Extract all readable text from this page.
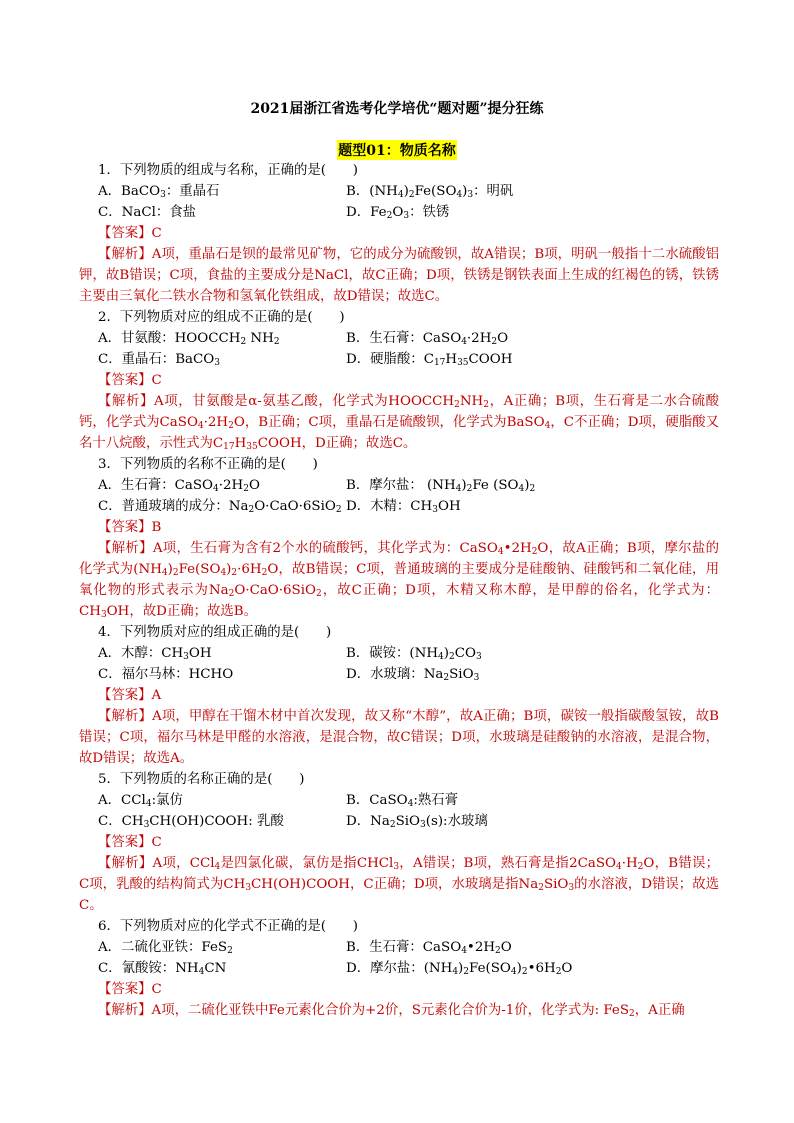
2021届浙江省选考化学培优“题对题”提分狂练
题型01：物质名称
1．下列物质的组成与名称，正确的是(　　)
A．BaCO$_3$：重晶石	B．$(NH_4)_2Fe(SO_4)_3$：明矾
C．NaCl：食盐	D．$Fe_2O_3$：铁锈
【答案】C
【解析】A项，重晶石是钡的最常见矿物，它的成分为硫酸钡，故A错误；B项，明矾一般指十二水硫酸铝钾，故B错误；C项，食盐的主要成分是NaCl，故C正确；D项，铁锈是钢铁表面上生成的红褐色的锈，铁锈主要由三氧化二铁水合物和氢氧化铁组成，故D错误；故选C。
2．下列物质对应的组成不正确的是(　　)
A．甘氨酸：$HOOCCH_2$ $NH_2$	B．生石膏：$CaSO_4\cdot 2H_2O$
C．重晶石：BaCO$_3$	D．硬脂酸：$C_{17}H_{35}COOH$
【答案】C
【解析】A项，甘氨酸是α-氨基乙酸，化学式为$HOOCCH_2NH_2$，A正确；B项，生石膏是二水合硫酸钙，化学式为$CaSO_4\cdot 2H_2O$，B正确；C项，重晶石是硫酸钡，化学式为BaSO$_4$，C不正确；D项，硬脂酸又名十八烷酸，示性式为$C_{17}H_{35}COOH$，D正确；故选C。
3．下列物质的名称不正确的是(　　)
A．生石膏：$CaSO_4\cdot 2H_2O$	B．摩尔盐： $(NH_4)_2Fe$ $(SO_4)_2$
C．普通玻璃的成分：$Na_2O\cdot CaO\cdot 6SiO_2$ D．木精：$CH_3OH$
【答案】B
【解析】A项，生石膏为含有2个水的硫酸钙，其化学式为：$CaSO_4•2H_2O$，故A正确；B项，摩尔盐的化学式为$(NH_4)_2Fe(SO_4)_2\cdot 6H_2O$，故B错误；C项，普通玻璃的主要成分是硅酸钠、硅酸钙和二氧化硅，用氧化物的形式表示为$Na_2O\cdot CaO\cdot 6SiO_2$，故C正确；D项，木精又称木醇，是甲醇的俗名，化学式为：$CH_3OH$，故D正确；故选B。
4．下列物质对应的组成正确的是(　　)
A．木醇：$CH_3OH$	B．碳铵：$(NH_4)_2CO_3$
C．福尔马林：HCHO	D．水玻璃：$Na_2SiO_3$
【答案】A
【解析】A项，甲醇在干馏木材中首次发现，故又称“木醇”，故A正确；B项，碳铵一般指碳酸氢铵，故B错误；C项，福尔马林是甲醛的水溶液，是混合物，故C错误；D项，水玻璃是硅酸钠的水溶液，是混合物，故D错误；故选A。
5．下列物质的名称正确的是(　　)
A．CCl$_4$:氯仿	B．CaSO$_4$:熟石膏
C．$CH_3CH(OH)COOH$: 乳酸	D．$Na_2SiO_3(s)$:水玻璃
【答案】C
【解析】A项，CCl$_4$是四氯化碳，氯仿是指CHCl$_3$，A错误；B项，熟石膏是指$2CaSO_4\cdot H_2O$，B错误；C项，乳酸的结构简式为$CH_3CH(OH)COOH$，C正确；D项，水玻璃是指$Na_2SiO_3$的水溶液，D错误；故选C。
6．下列物质对应的化学式不正确的是(　　)
A．二硫化亚铁：FeS$_2$	B．生石膏：$CaSO_4•2H_2O$
C．氰酸铵：$NH_4CN$	D．摩尔盐：$(NH_4)_2Fe(SO_4)_2•6H_2O$
【答案】C
【解析】A项，二硫化亚铁中Fe元素化合价为+2价，S元素化合价为-1价，化学式为: FeS$_2$，A正确
